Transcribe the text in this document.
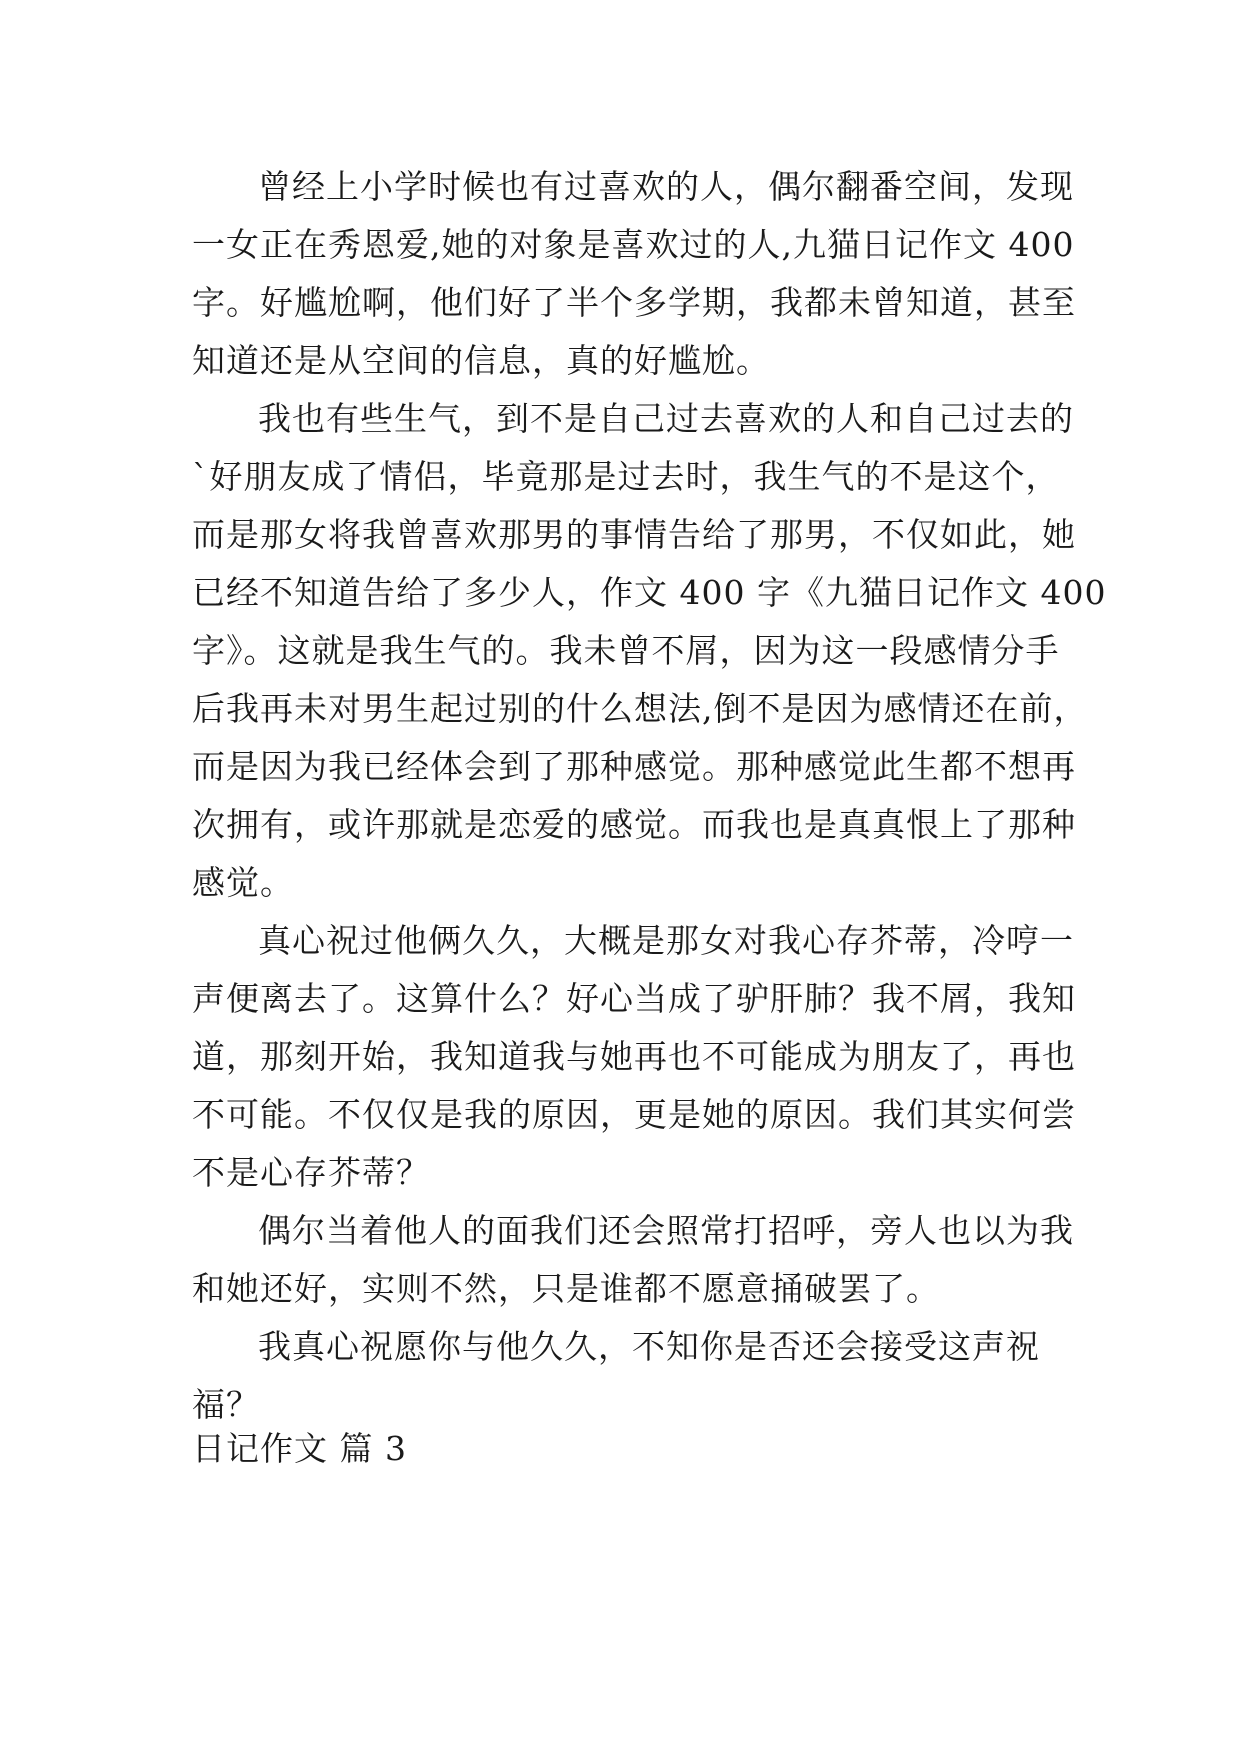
曾经上小学时候也有过喜欢的人，偶尔翻番空间，发现
一女正在秀恩爱,她的对象是喜欢过的人,九猫日记作文 400
字。好尴尬啊，他们好了半个多学期，我都未曾知道，甚至
知道还是从空间的信息，真的好尴尬。
我也有些生气，到不是自己过去喜欢的人和自己过去的
`好朋友成了情侣，毕竟那是过去时，我生气的不是这个，
而是那女将我曾喜欢那男的事情告给了那男，不仅如此，她
已经不知道告给了多少人，作文 400 字《九猫日记作文 400
字》。这就是我生气的。我未曾不屑，因为这一段感情分手
后我再未对男生起过别的什么想法,倒不是因为感情还在前，
而是因为我已经体会到了那种感觉。那种感觉此生都不想再
次拥有，或许那就是恋爱的感觉。而我也是真真恨上了那种
感觉。
真心祝过他俩久久，大概是那女对我心存芥蒂，冷哼一
声便离去了。这算什么？好心当成了驴肝肺？我不屑，我知
道，那刻开始，我知道我与她再也不可能成为朋友了，再也
不可能。不仅仅是我的原因，更是她的原因。我们其实何尝
不是心存芥蒂？
偶尔当着他人的面我们还会照常打招呼，旁人也以为我
和她还好，实则不然，只是谁都不愿意捅破罢了。
我真心祝愿你与他久久，不知你是否还会接受这声祝
福？
日记作文 篇 3
